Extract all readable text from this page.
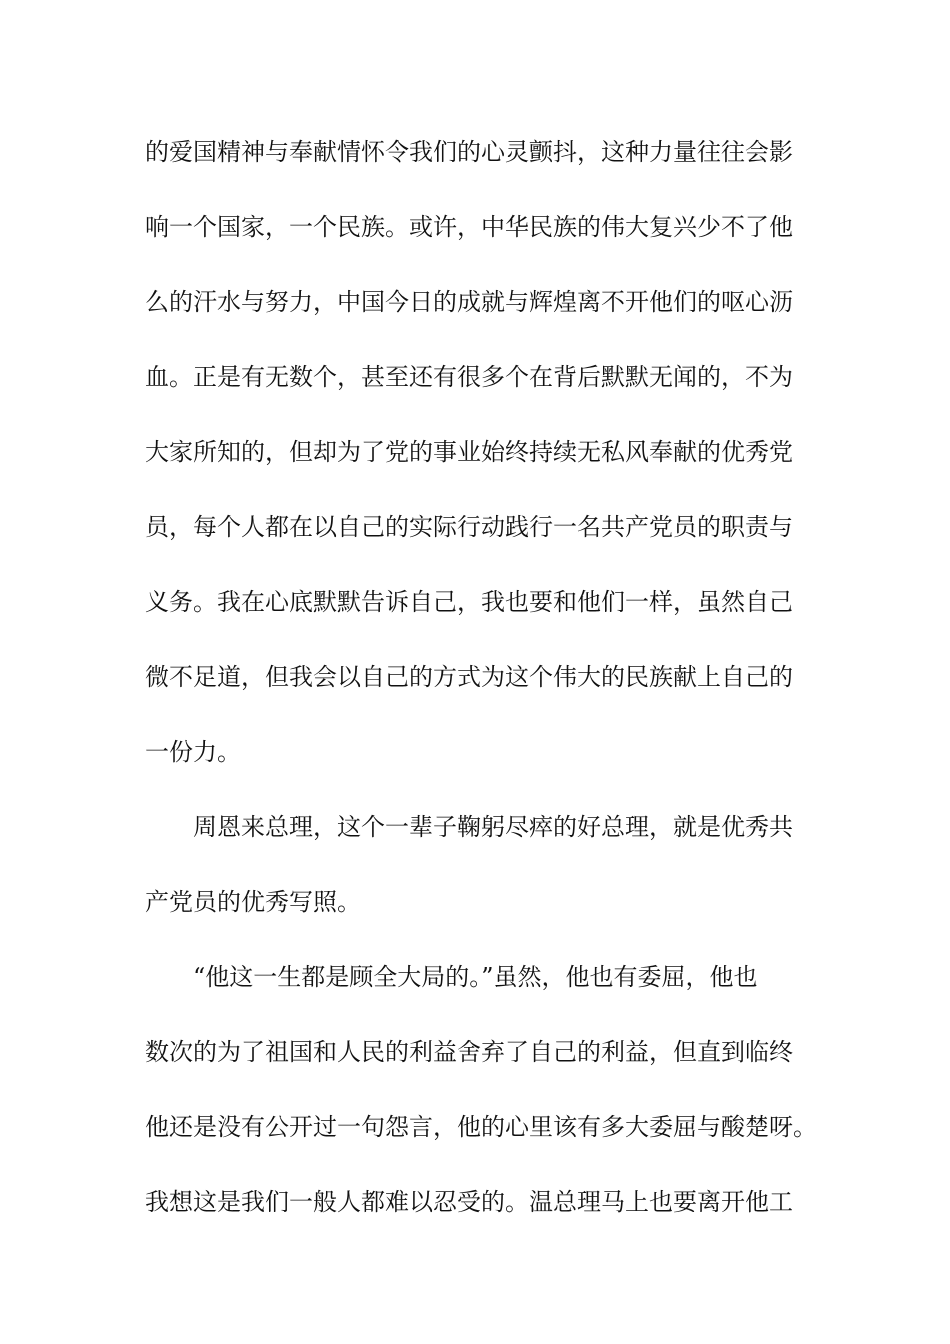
的爱国精神与奉献情怀令我们的心灵颤抖，这种力量往往会影
响一个国家，一个民族。或许，中华民族的伟大复兴少不了他
么的汗水与努力，中国今日的成就与辉煌离不开他们的呕心沥
血。正是有无数个，甚至还有很多个在背后默默无闻的，不为
大家所知的，但却为了党的事业始终持续无私风奉献的优秀党
员，每个人都在以自己的实际行动践行一名共产党员的职责与
义务。我在心底默默告诉自己，我也要和他们一样，虽然自己
微不足道，但我会以自己的方式为这个伟大的民族献上自己的
一份力。
周恩来总理，这个一辈子鞠躬尽瘁的好总理，就是优秀共
产党员的优秀写照。
“他这一生都是顾全大局的。”虽然，他也有委屈，他也
数次的为了祖国和人民的利益舍弃了自己的利益，但直到临终
他还是没有公开过一句怨言，他的心里该有多大委屈与酸楚呀。
我想这是我们一般人都难以忍受的。温总理马上也要离开他工
